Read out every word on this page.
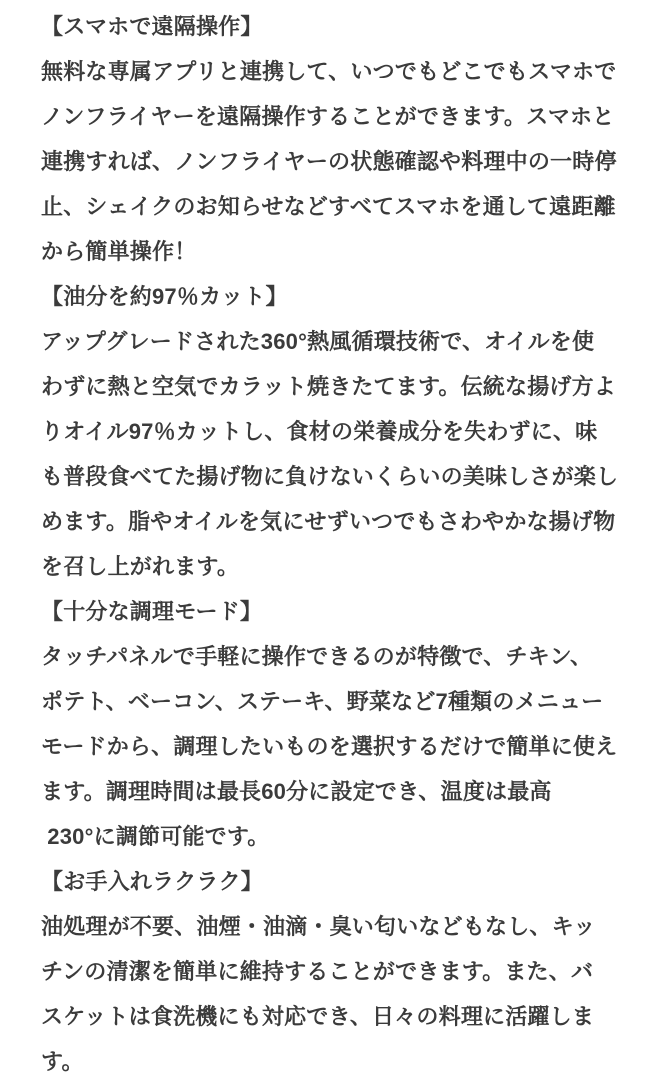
【スマホで遠隔操作】
無料な専属アプリと連携して、いつでもどこでもスマホで
ノンフライヤーを遠隔操作することができます。スマホと
連携すれば、ノンフライヤーの状態確認や料理中の一時停
止、シェイクのお知らせなどすべてスマホを通して遠距離
から簡単操作！
【油分を約97％カット】
アップグレードされた360°熱風循環技術で、オイルを使
わずに熱と空気でカラット焼きたてます。伝統な揚げ方よ
りオイル97％カットし、食材の栄養成分を失わずに、味
も普段食べてた揚げ物に負けないくらいの美味しさが楽し
めます。脂やオイルを気にせずいつでもさわやかな揚げ物
を召し上がれます。
【十分な調理モード】
タッチパネルで手軽に操作できるのが特徴で、チキン、
ポテト、ベーコン、ステーキ、野菜など7種類のメニュー
モードから、調理したいものを選択するだけで簡単に使え
ます。調理時間は最長60分に設定でき、温度は最高
230°に調節可能です。
【お手入れラクラク】
油処理が不要、油煙・油滴・臭い匂いなどもなし、キッ
チンの清潔を簡単に維持することができます。また、バ
スケットは食洗機にも対応でき、日々の料理に活躍しま
す。
